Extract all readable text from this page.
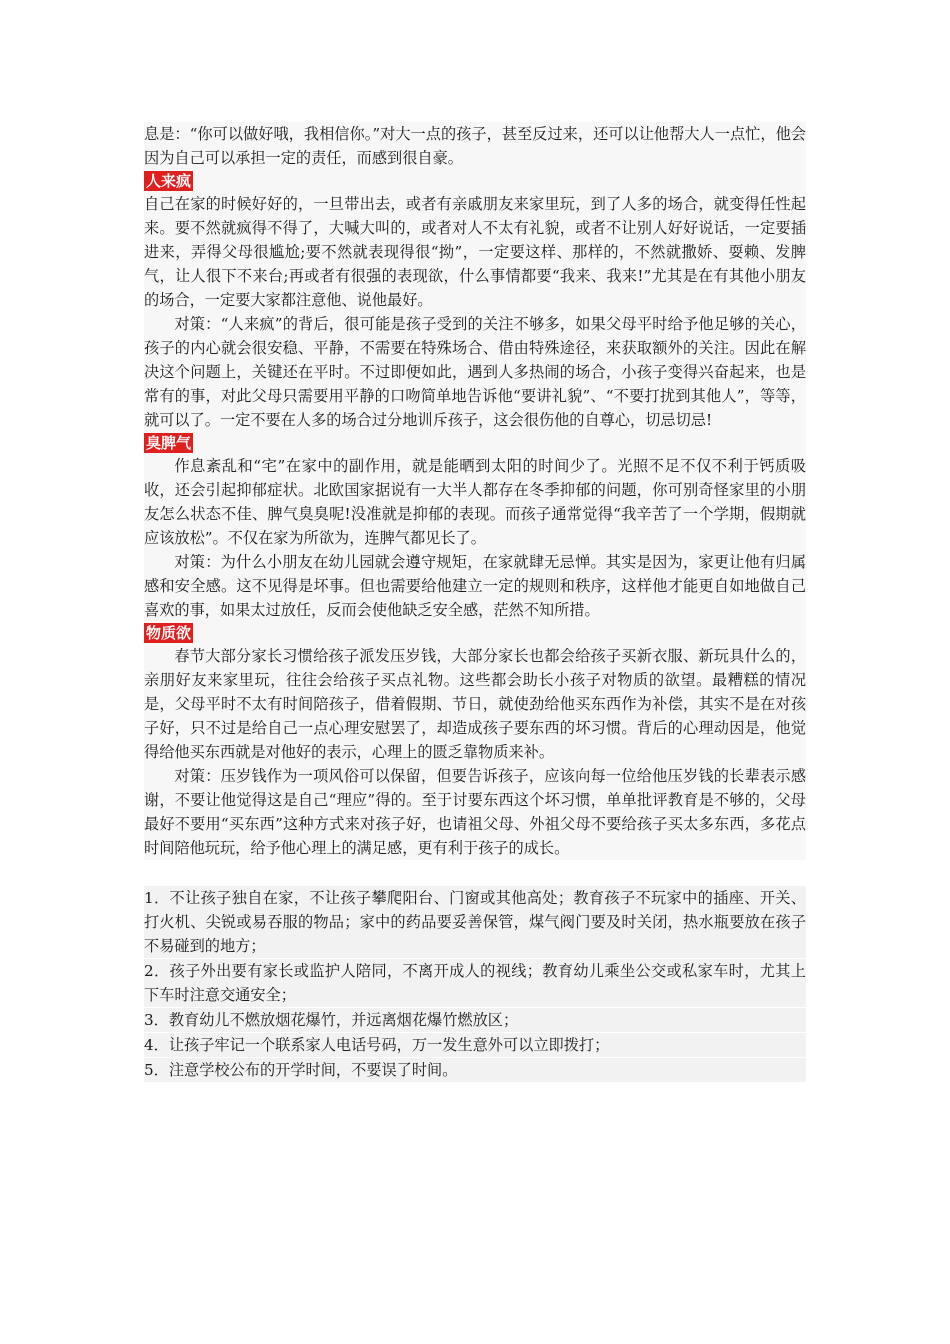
息是：“你可以做好哦，我相信你。”对大一点的孩子，甚至反过来，还可以让他帮大人一点忙，他会因为自己可以承担一定的责任，而感到很自豪。

人来疯

自己在家的时候好好的，一旦带出去，或者有亲戚朋友来家里玩，到了人多的场合，就变得任性起来。要不然就疯得不得了，大喊大叫的，或者对人不太有礼貌，或者不让别人好好说话，一定要插进来，弄得父母很尴尬;要不然就表现得很“拗”，一定要这样、那样的，不然就撒娇、耍赖、发脾气，让人很下不来台;再或者有很强的表现欲，什么事情都要“我来、我来!”尤其是在有其他小朋友的场合，一定要大家都注意他、说他最好。

对策：“人来疯”的背后，很可能是孩子受到的关注不够多，如果父母平时给予他足够的关心，孩子的内心就会很安稳、平静，不需要在特殊场合、借由特殊途径，来获取额外的关注。因此在解决这个问题上，关键还在平时。不过即便如此，遇到人多热闹的场合，小孩子变得兴奋起来，也是常有的事，对此父母只需要用平静的口吻简单地告诉他“要讲礼貌”、“不要打扰到其他人”，等等，就可以了。一定不要在人多的场合过分地训斥孩子，这会很伤他的自尊心，切忌切忌!

臭脾气

作息紊乱和“宅”在家中的副作用，就是能晒到太阳的时间少了。光照不足不仅不利于钙质吸收，还会引起抑郁症状。北欧国家据说有一大半人都存在冬季抑郁的问题，你可别奇怪家里的小朋友怎么状态不佳、脾气臭臭呢!没准就是抑郁的表现。而孩子通常觉得“我辛苦了一个学期，假期就应该放松”。不仅在家为所欲为，连脾气都见长了。

对策：为什么小朋友在幼儿园就会遵守规矩，在家就肆无忌惮。其实是因为，家更让他有归属感和安全感。这不见得是坏事。但也需要给他建立一定的规则和秩序，这样他才能更自如地做自己喜欢的事，如果太过放任，反而会使他缺乏安全感，茫然不知所措。

物质欲

春节大部分家长习惯给孩子派发压岁钱，大部分家长也都会给孩子买新衣服、新玩具什么的，亲朋好友来家里玩，往往会给孩子买点礼物。这些都会助长小孩子对物质的欲望。最糟糕的情况是，父母平时不太有时间陪孩子，借着假期、节日，就使劲给他买东西作为补偿，其实不是在对孩子好，只不过是给自己一点心理安慰罢了，却造成孩子要东西的坏习惯。背后的心理动因是，他觉得给他买东西就是对他好的表示，心理上的匮乏靠物质来补。

对策：压岁钱作为一项风俗可以保留，但要告诉孩子，应该向每一位给他压岁钱的长辈表示感谢，不要让他觉得这是自己“理应”得的。至于讨要东西这个坏习惯，单单批评教育是不够的，父母最好不要用“买东西”这种方式来对孩子好，也请祖父母、外祖父母不要给孩子买太多东西，多花点时间陪他玩玩，给予他心理上的满足感，更有利于孩子的成长。

1．不让孩子独自在家，不让孩子攀爬阳台、门窗或其他高处；教育孩子不玩家中的插座、开关、打火机、尖锐或易吞服的物品；家中的药品要妥善保管，煤气阀门要及时关闭，热水瓶要放在孩子不易碰到的地方；

2．孩子外出要有家长或监护人陪同，不离开成人的视线；教育幼儿乘坐公交或私家车时，尤其上下车时注意交通安全；

3．教育幼儿不燃放烟花爆竹，并远离烟花爆竹燃放区；

4．让孩子牢记一个联系家人电话号码，万一发生意外可以立即拨打；

5．注意学校公布的开学时间，不要误了时间。
